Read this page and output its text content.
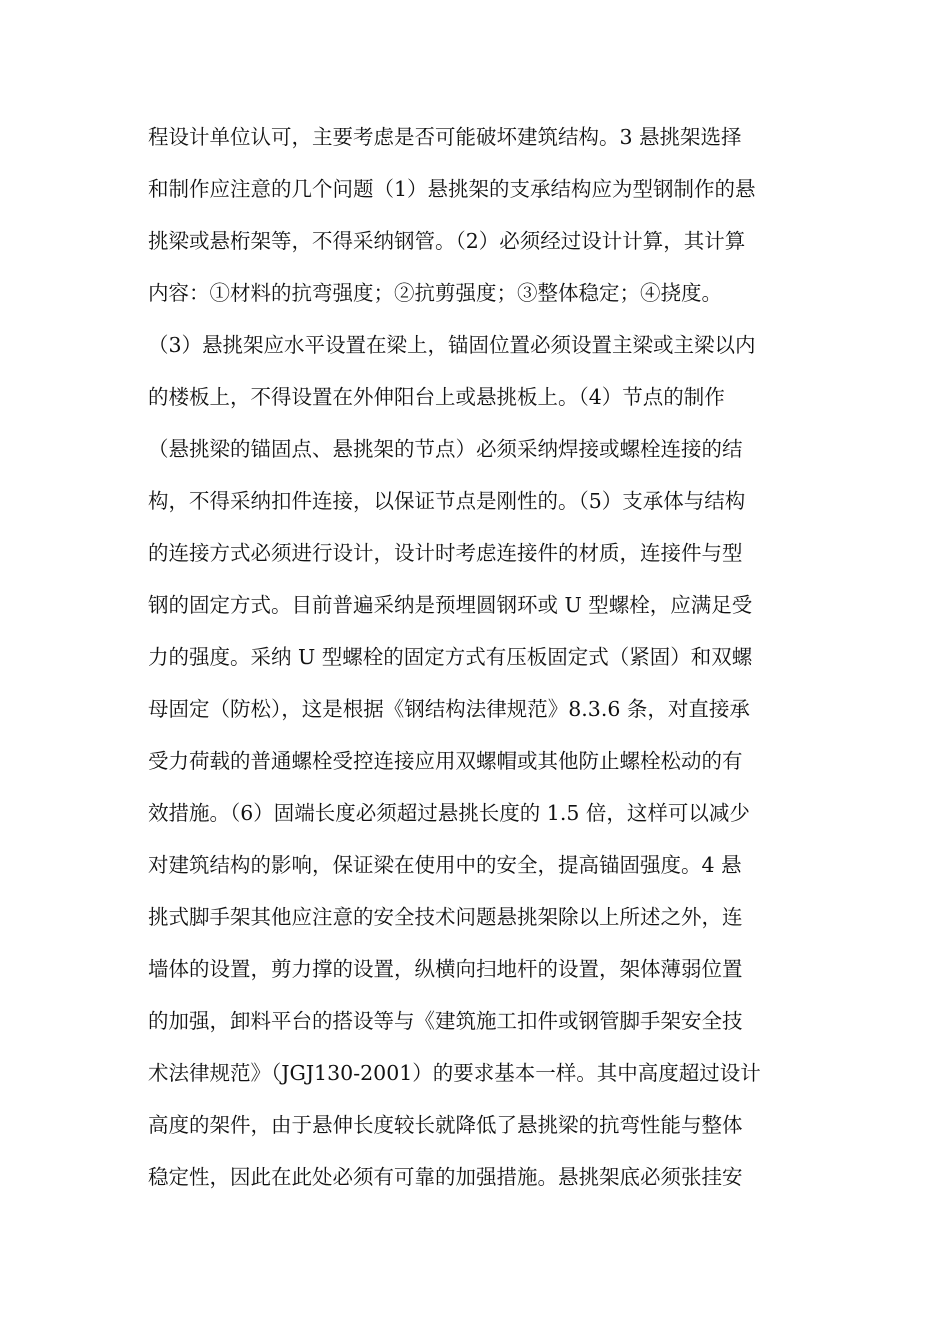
程设计单位认可，主要考虑是否可能破坏建筑结构。3 悬挑架选择
和制作应注意的几个问题（1）悬挑架的支承结构应为型钢制作的悬
挑梁或悬桁架等，不得采纳钢管。（2）必须经过设计计算，其计算
内容：①材料的抗弯强度；②抗剪强度；③整体稳定；④挠度。
（3）悬挑架应水平设置在梁上，锚固位置必须设置主梁或主梁以内
的楼板上，不得设置在外伸阳台上或悬挑板上。（4）节点的制作
（悬挑梁的锚固点、悬挑架的节点）必须采纳焊接或螺栓连接的结
构，不得采纳扣件连接，以保证节点是刚性的。（5）支承体与结构
的连接方式必须进行设计，设计时考虑连接件的材质，连接件与型
钢的固定方式。目前普遍采纳是预埋圆钢环或 U 型螺栓，应满足受
力的强度。采纳 U 型螺栓的固定方式有压板固定式（紧固）和双螺
母固定（防松），这是根据《钢结构法律规范》8.3.6 条，对直接承
受力荷载的普通螺栓受控连接应用双螺帽或其他防止螺栓松动的有
效措施。（6）固端长度必须超过悬挑长度的 1.5 倍，这样可以减少
对建筑结构的影响，保证梁在使用中的安全，提高锚固强度。4 悬
挑式脚手架其他应注意的安全技术问题悬挑架除以上所述之外，连
墙体的设置，剪力撑的设置，纵横向扫地杆的设置，架体薄弱位置
的加强，卸料平台的搭设等与《建筑施工扣件或钢管脚手架安全技
术法律规范》（JGJ130-2001）的要求基本一样。其中高度超过设计
高度的架件，由于悬伸长度较长就降低了悬挑梁的抗弯性能与整体
稳定性，因此在此处必须有可靠的加强措施。悬挑架底必须张挂安
